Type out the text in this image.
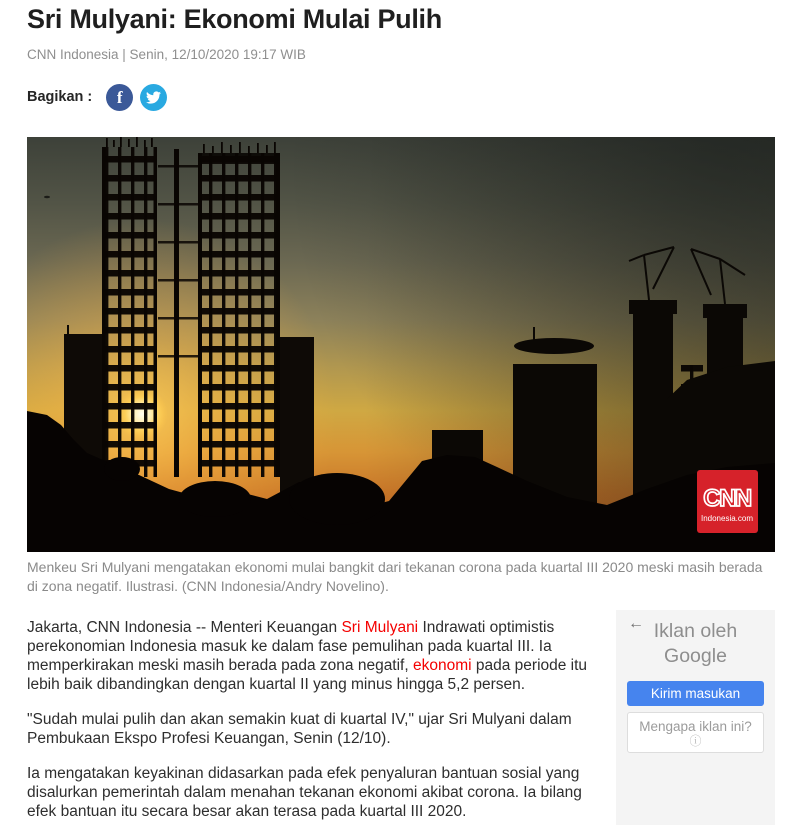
Sri Mulyani: Ekonomi Mulai Pulih
CNN Indonesia | Senin, 12/10/2020 19:17 WIB
Bagikan : f
CNN
Indonesia.com
Menkeu Sri Mulyani mengatakan ekonomi mulai bangkit dari tekanan corona pada kuartal III 2020 meski masih berada di zona negatif. Ilustrasi. (CNN Indonesia/Andry Novelino).

Jakarta, CNN Indonesia -- Menteri Keuangan Sri Mulyani Indrawati optimistis perekonomian Indonesia masuk ke dalam fase pemulihan pada kuartal III. Ia memperkirakan meski masih berada pada zona negatif, ekonomi pada periode itu lebih baik dibandingkan dengan kuartal II yang minus hingga 5,2 persen.

"Sudah mulai pulih dan akan semakin kuat di kuartal IV," ujar Sri Mulyani dalam Pembukaan Ekspo Profesi Keuangan, Senin (12/10).

Ia mengatakan keyakinan didasarkan pada efek penyaluran bantuan sosial yang disalurkan pemerintah dalam menahan tekanan ekonomi akibat corona. Ia bilang efek bantuan itu secara besar akan terasa pada kuartal III 2020.

← Iklan oleh
Google
Kirim masukan
Mengapa iklan ini?
ⓘ
